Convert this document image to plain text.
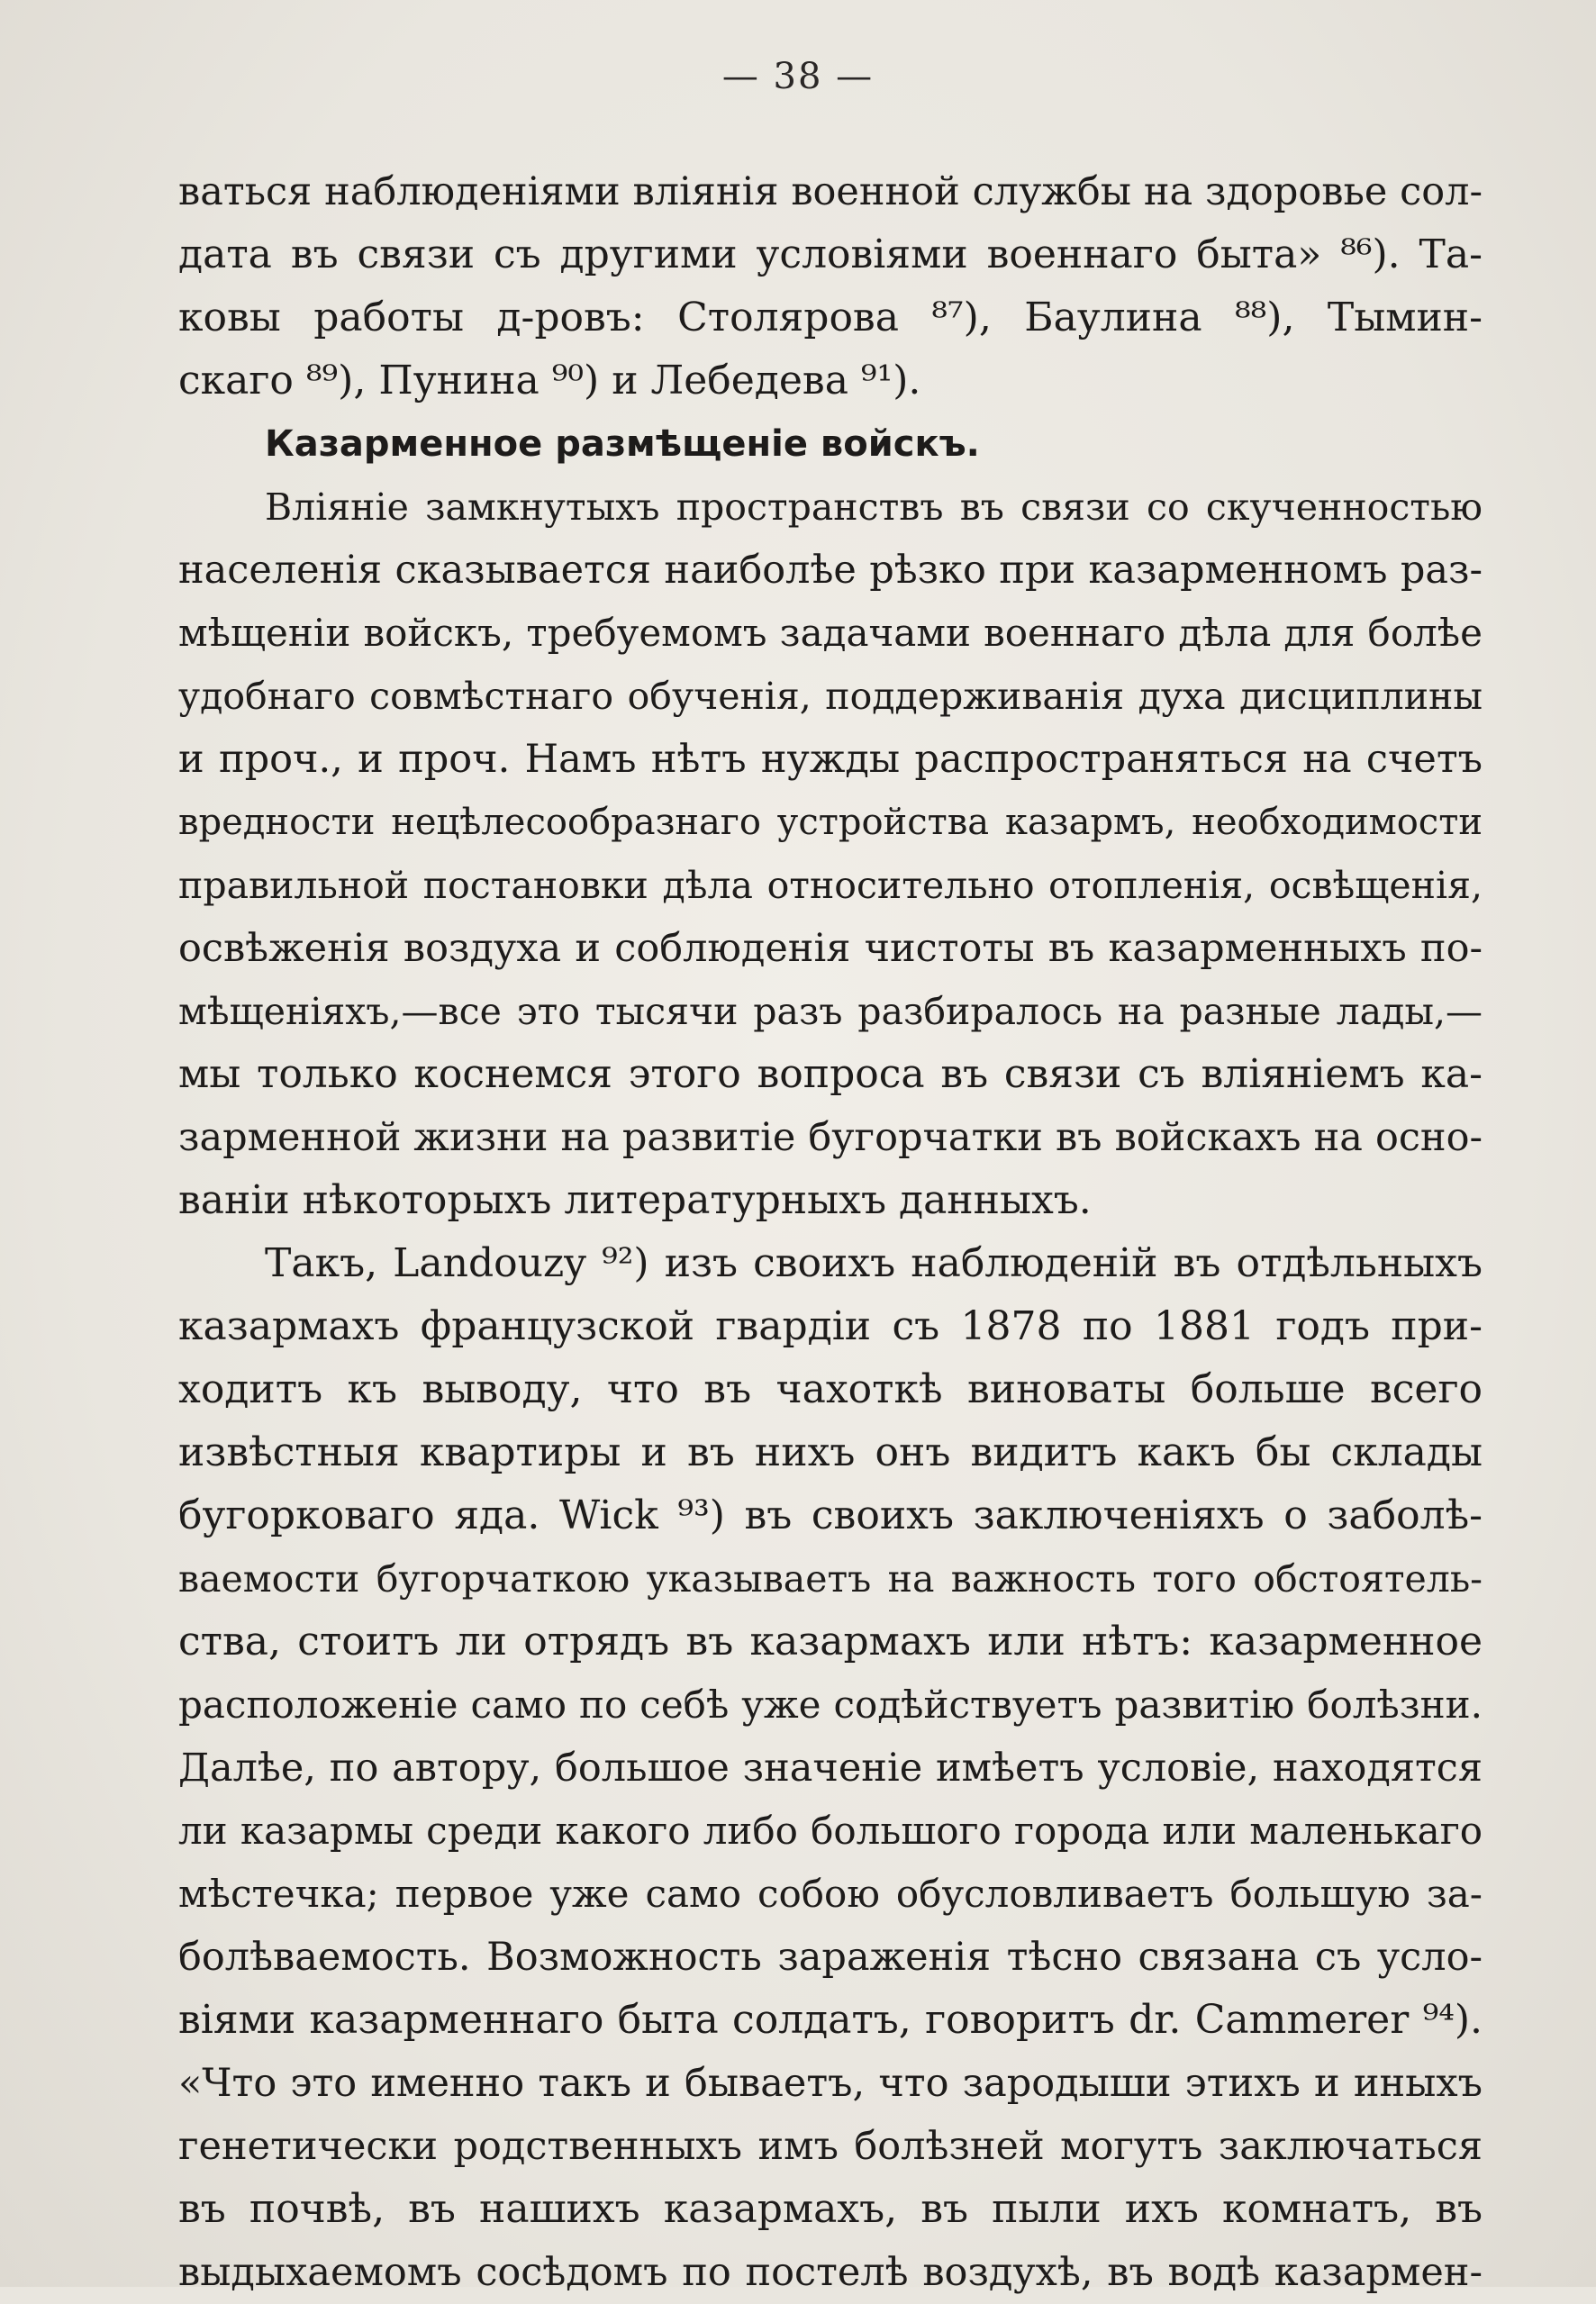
— 38 —
ваться наблюденіями вліянія военной службы на здоровье сол-
дата въ связи съ другими условіями военнаго быта» ⁸⁶). Та-
ковы работы д-ровъ: Столярова ⁸⁷), Баулина ⁸⁸), Тымин-
скаго ⁸⁹), Пунина ⁹⁰) и Лебедева ⁹¹).
Казарменное размѣщеніе войскъ.
Вліяніе замкнутыхъ пространствъ въ связи со скученностью
населенія сказывается наиболѣе рѣзко при казарменномъ раз-
мѣщеніи войскъ, требуемомъ задачами военнаго дѣла для болѣе
удобнаго совмѣстнаго обученія, поддерживанія духа дисциплины
и проч., и проч. Намъ нѣтъ нужды распространяться на счетъ
вредности нецѣлесообразнаго устройства казармъ, необходимости
правильной постановки дѣла относительно отопленія, освѣщенія,
освѣженія воздуха и соблюденія чистоты въ казарменныхъ по-
мѣщеніяхъ,—все это тысячи разъ разбиралось на разные лады,—
мы только коснемся этого вопроса въ связи съ вліяніемъ ка-
зарменной жизни на развитіе бугорчатки въ войскахъ на осно-
ваніи нѣкоторыхъ литературныхъ данныхъ.
Такъ, Landouzy ⁹²) изъ своихъ наблюденій въ отдѣльныхъ
казармахъ французской гвардіи съ 1878 по 1881 годъ при-
ходитъ къ выводу, что въ чахоткѣ виноваты больше всего
извѣстныя квартиры и въ нихъ онъ видитъ какъ бы склады
бугорковаго яда. Wick ⁹³) въ своихъ заключеніяхъ о заболѣ-
ваемости бугорчаткою указываетъ на важность того обстоятель-
ства, стоитъ ли отрядъ въ казармахъ или нѣтъ: казарменное
расположеніе само по себѣ уже содѣйствуетъ развитію болѣзни.
Далѣе, по автору, большое значеніе имѣетъ условіе, находятся
ли казармы среди какого либо большого города или маленькаго
мѣстечка; первое уже само собою обусловливаетъ большую за-
болѣваемость. Возможность зараженія тѣсно связана съ усло-
віями казарменнаго быта солдатъ, говоритъ dr. Cammerer ⁹⁴).
«Что это именно такъ и бываетъ, что зародыши этихъ и иныхъ
генетически родственныхъ имъ болѣзней могутъ заключаться
въ почвѣ, въ нашихъ казармахъ, въ пыли ихъ комнатъ, въ
выдыхаемомъ сосѣдомъ по постелѣ воздухѣ, въ водѣ казармен-
